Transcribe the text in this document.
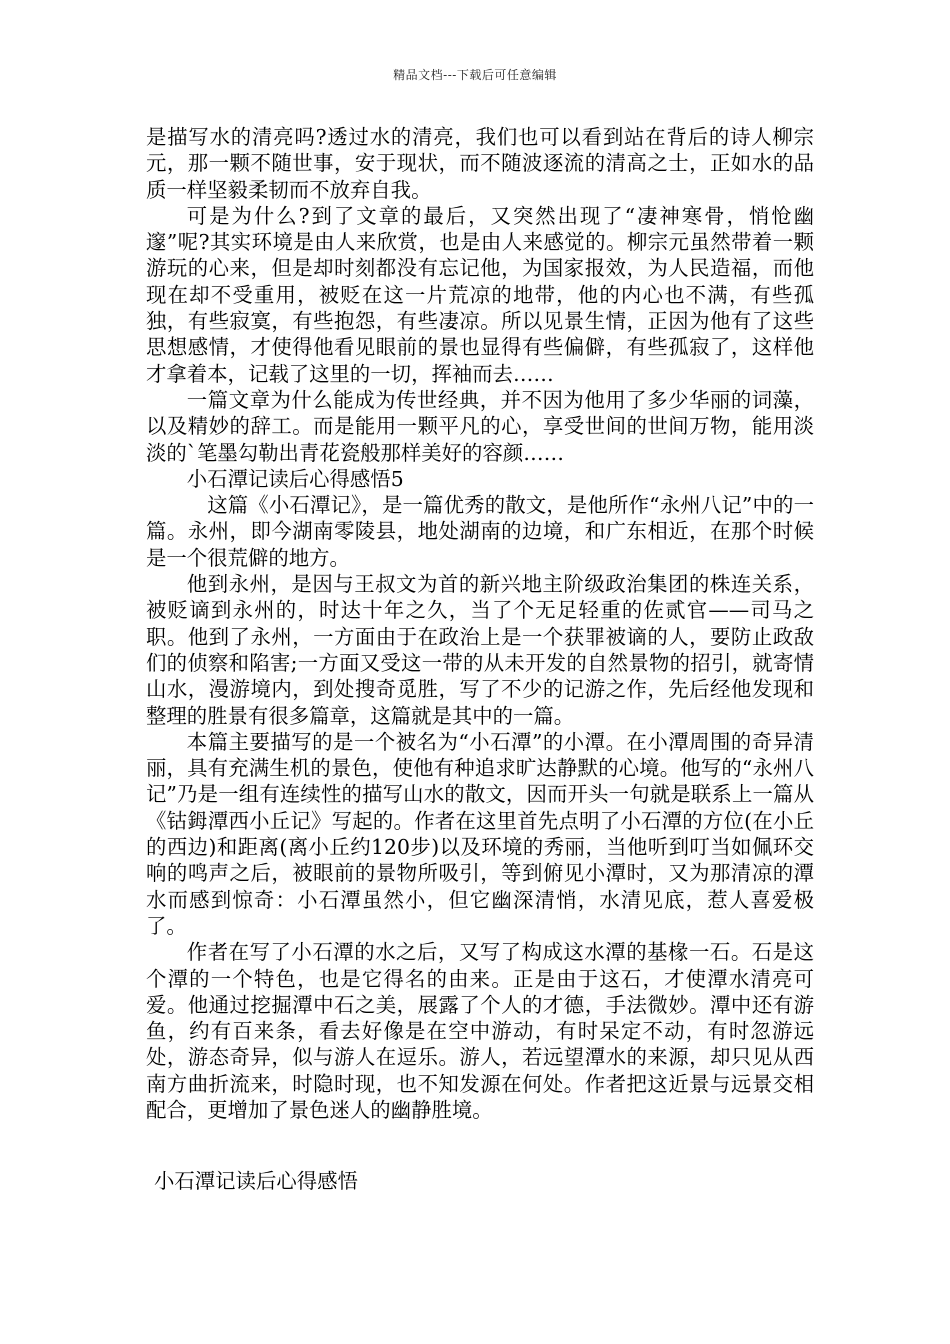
精品文档---下载后可任意编辑

是描写水的清亮吗?透过水的清亮，我们也可以看到站在背后的诗人柳宗元，那一颗不随世事，安于现状，而不随波逐流的清高之士，正如水的品质一样坚毅柔韧而不放弃自我。

可是为什么?到了文章的最后，又突然出现了“凄神寒骨，悄怆幽邃”呢?其实环境是由人来欣赏，也是由人来感觉的。柳宗元虽然带着一颗游玩的心来，但是却时刻都没有忘记他，为国家报效，为人民造福，而他现在却不受重用，被贬在这一片荒凉的地带，他的内心也不满，有些孤独，有些寂寞，有些抱怨，有些凄凉。所以见景生情，正因为他有了这些思想感情，才使得他看见眼前的景也显得有些偏僻，有些孤寂了，这样他才拿着本，记载了这里的一切，挥袖而去……

一篇文章为什么能成为传世经典，并不因为他用了多少华丽的词藻，以及精妙的辞工。而是能用一颗平凡的心，享受世间的世间万物，能用淡淡的`笔墨勾勒出青花瓷般那样美好的容颜……

小石潭记读后心得感悟5

这篇《小石潭记》，是一篇优秀的散文，是他所作“永州八记”中的一篇。永州，即今湖南零陵县，地处湖南的边境，和广东相近，在那个时候是一个很荒僻的地方。

他到永州，是因与王叔文为首的新兴地主阶级政治集团的株连关系，被贬谪到永州的，时达十年之久，当了个无足轻重的佐贰官——司马之职。他到了永州，一方面由于在政治上是一个获罪被谪的人，要防止政敌们的侦察和陷害;一方面又受这一带的从未开发的自然景物的招引，就寄情山水，漫游境内，到处搜奇觅胜，写了不少的记游之作，先后经他发现和整理的胜景有很多篇章，这篇就是其中的一篇。

本篇主要描写的是一个被名为“小石潭”的小潭。在小潭周围的奇异清丽，具有充满生机的景色，使他有种追求旷达静默的心境。他写的“永州八记”乃是一组有连续性的描写山水的散文，因而开头一句就是联系上一篇从《钴鉧潭西小丘记》写起的。作者在这里首先点明了小石潭的方位(在小丘的西边)和距离(离小丘约120步)以及环境的秀丽，当他听到叮当如佩环交响的鸣声之后，被眼前的景物所吸引，等到俯见小潭时，又为那清凉的潭水而感到惊奇：小石潭虽然小，但它幽深清悄，水清见底，惹人喜爱极了。

作者在写了小石潭的水之后，又写了构成这水潭的基椽一石。石是这个潭的一个特色，也是它得名的由来。正是由于这石，才使潭水清亮可爱。他通过挖掘潭中石之美，展露了个人的才德，手法微妙。潭中还有游鱼，约有百来条，看去好像是在空中游动，有时呆定不动，有时忽游远处，游态奇异，似与游人在逗乐。游人，若远望潭水的来源，却只见从西南方曲折流来，时隐时现，也不知发源在何处。作者把这近景与远景交相配合，更增加了景色迷人的幽静胜境。

小石潭记读后心得感悟
